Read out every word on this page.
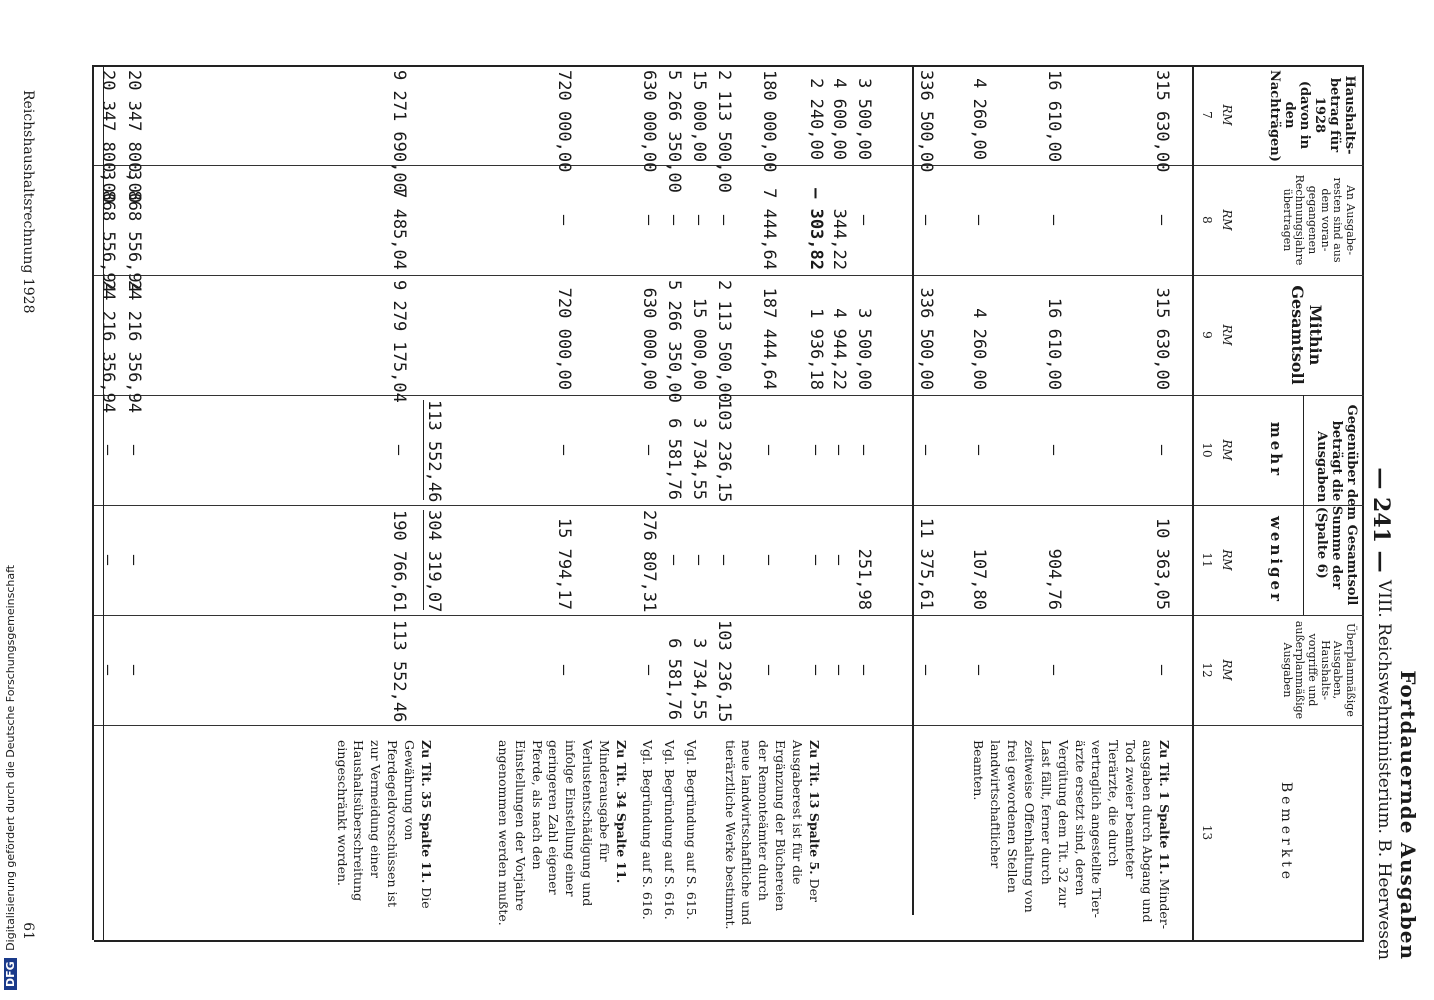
— 241 —
Fortdauernde Ausgaben
VIII. Reichswehrministerium. B. Heerwesen
Haushaltsbetrag für 1928 (davon in den Nachträgen)
An Ausgaberesten sind aus dem vorangegangenen Rechnungsjahre übertragen
Mithin Gesamtsoll
Gegenüber dem Gesamtsoll beträgt die Summe der Ausgaben (Spalte 6)
mehr
weniger
Überplanmäßige Ausgaben, Haushaltsvorgriffe und außerplanmäßige Ausgaben
Bemerkte
RM
RM
RM
RM
RM
RM
7
8
9
10
11
12
13
315 630,00
—
315 630,00
—
10 363,05
—
16 610,00
—
16 610,00
—
904,76
—
4 260,00
—
4 260,00
—
107,80
—
336 500,00
—
336 500,00
—
11 375,61
—
3 500,00
—
3 500,00
—
251,98
—
4 600,00
344,22
4 944,22
—
—
—
2 240,00
— 303,82
1 936,18
—
—
—
180 000,00
7 444,64
187 444,64
—
—
—
2 113 500,00
—
2 113 500,00
103 236,15
—
103 236,15
15 000,00
—
15 000,00
3 734,55
—
3 734,55
5 266 350,00
—
5 266 350,00
6 581,76
—
6 581,76
630 000,00
—
630 000,00
—
276 807,31
—
720 000,00
—
720 000,00
—
15 794,17
—
113 552,46
304 319,07
9 271 690,00
7 485,04
9 279 175,04
—
190 766,61
113 552,46
20 347 800,00
3 868 556,94
24 216 356,94
—
—
—
20 347 800,00
3 868 556,94
24 216 356,94
—
—
—
Zu Tit. 1 Spalte 11. Minderausgaben durch Abgang und Tod zweier beamteter Tierärzte, die durch vertraglich angestellte Tierärzte ersetzt sind, deren Vergütung dem Tit. 32 zur Last fällt, ferner durch zeitweise Offenhaltung von frei gewordenen Stellen landwirtschaftlicher Beamten.
Vgl. Begründung auf S. 615.
Vgl. Begründung auf S. 616.
Vgl. Begründung auf S. 616.	Zu Tit. 13 Spalte 5. Der Ausgaberest ist für die Ergänzung der Büchereien der Remonteämter durch neue landwirtschaftliche und tierärztliche Werke bestimmt.
Zu Tit. 34 Spalte 11. Minderausgabe für Verlustentschädigung und infolge Einstellung einer geringeren Zahl eigener Pferde, als nach den Einstellungen der Vorjahre angenommen werden mußte.
Zu Tit. 35 Spalte 11. Die Gewährung von Pferdegeldvorschüssen ist zur Vermeidung einer Haushaltsüberschreitung eingeschränkt worden.
Reichshaushaltsrechnung 1928
61
DFG Digitalisierung gefördert durch die Deutsche Forschungsgemeinschaft
